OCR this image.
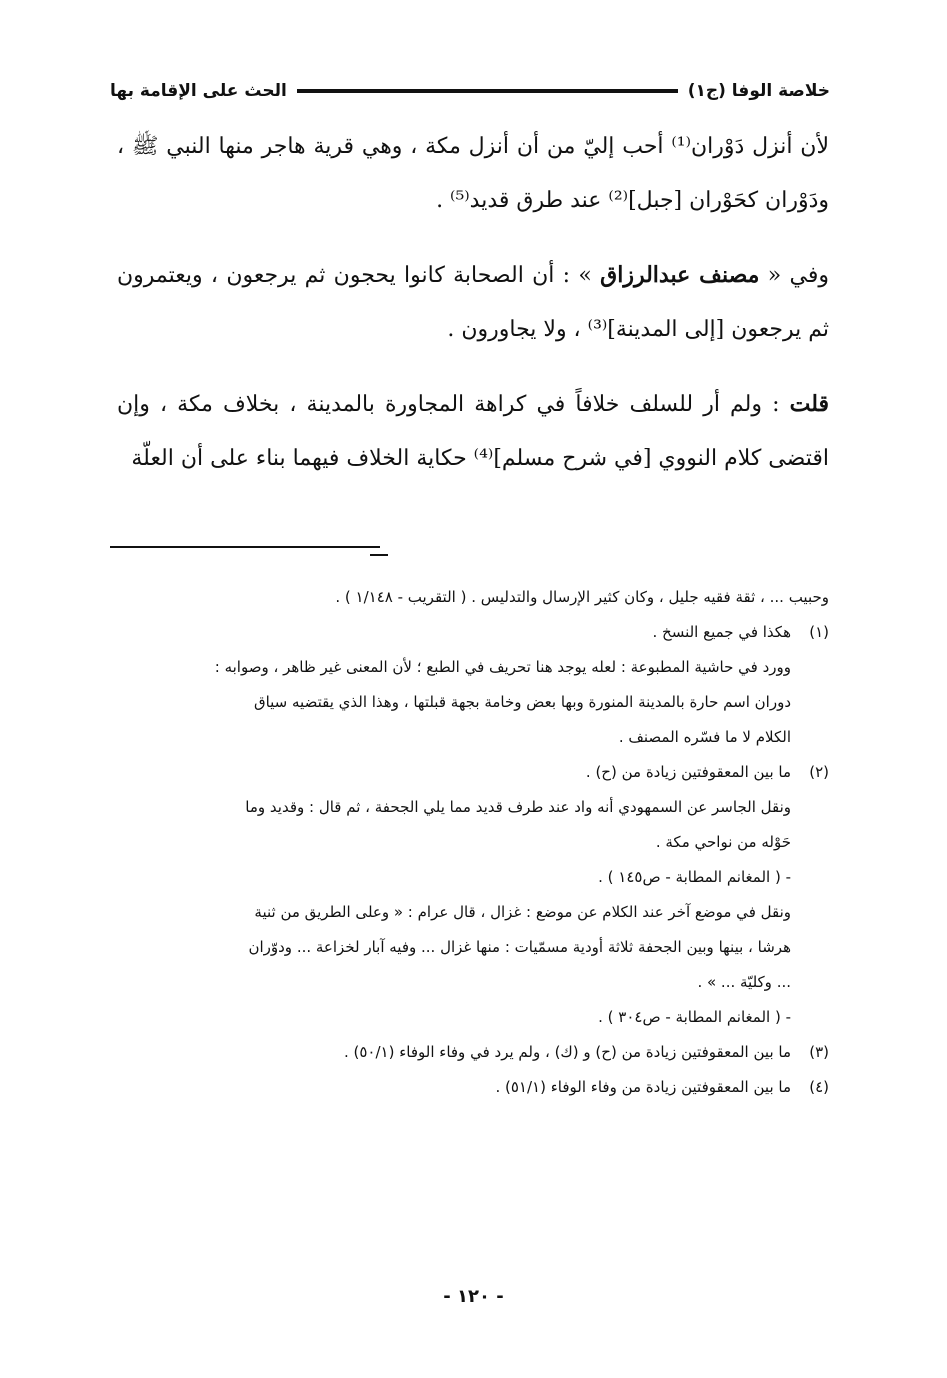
خلاصة الوفا (ج١)
الحث على الإقامة بها

لأن أنزل دَوْران⁽¹⁾ أحب إليّ من أن أنزل مكة ، وهي قرية هاجر منها النبي ﷺ ، ودَوْران كحَوْران [جبل]⁽²⁾ عند طرق قديد⁽⁵⁾ .

وفي « مصنف عبدالرزاق » : أن الصحابة كانوا يحجون ثم يرجعون ، ويعتمرون ثم يرجعون [إلى المدينة]⁽³⁾ ، ولا يجاورون .

قلت : ولم أر للسلف خلافاً في كراهة المجاورة بالمدينة ، بخلاف مكة ، وإن اقتضى كلام النووي [في شرح مسلم]⁽⁴⁾ حكاية الخلاف فيهما بناء على أن العلّة

وحبيب ... ، ثقة فقيه جليل ، وكان كثير الإرسال والتدليس . ( التقريب - ١/١٤٨ ) .

(١)هكذا في جميع النسخ .

وورد في حاشية المطبوعة : لعله يوجد هنا تحريف في الطبع ؛ لأن المعنى غير ظاهر ، وصوابه :

دوران اسم حارة بالمدينة المنورة وبها بعض وخامة بجهة قبلتها ، وهذا الذي يقتضيه سياق

الكلام لا ما فسّره المصنف .

(٢)ما بين المعقوفتين زيادة من (ح) .

ونقل الجاسر عن السمهودي أنه واد عند طرف قديد مما يلي الجحفة ، ثم قال : وقديد وما

حَوْله من نواحي مكة .

- ( المغانم المطابة - ص١٤٥ ) .

ونقل في موضع آخر عند الكلام عن موضع : غزال ، قال عرام : « وعلى الطريق من ثنية

هرشا ، بينها وبين الجحفة ثلاثة أودية مسمّيات : منها غزال ... وفيه آبار لخزاعة ... ودوّران

... وكليّة ... » .

- ( المغانم المطابة - ص٣٠٤ ) .

(٣)ما بين المعقوفتين زيادة من (ح) و (ك) ، ولم يرد في وفاء الوفاء (٥٠/١) .

(٤)ما بين المعقوفتين زيادة من وفاء الوفاء (٥١/١) .

- ١٢٠ -
